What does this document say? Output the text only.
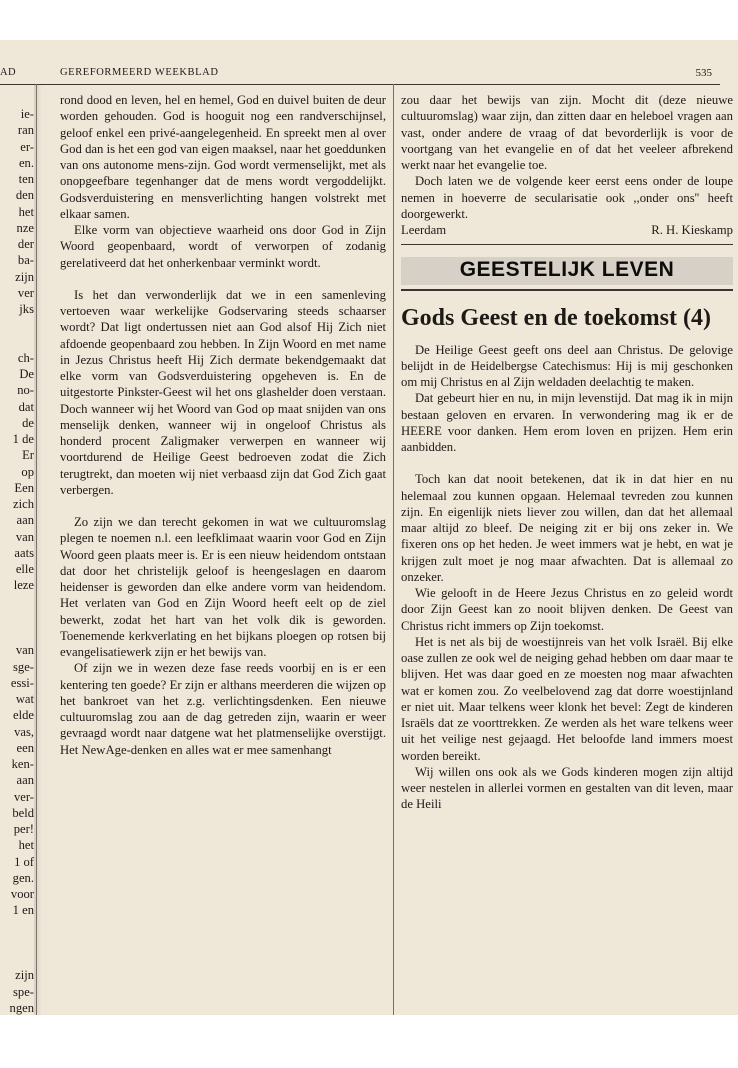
AD	GEREFORMEERD WEEKBLAD	535
ie-
ran
er-
en.
ten
den
het
nze
der
ba-
zijn
ver
jks

ch-
De
no-
dat
de
1 de
Er
op
Een
zich
aan
van
aats
elle
leze

van
sge-
essi-
wat
elde
vas,
een
ken-
aan
ver-
beld
per!
het
1 of
gen.
voor
1 en

zijn
spe-
ngen

rond dood en leven, hel en hemel, God en duivel buiten de deur worden gehouden. God is hooguit nog een randverschijnsel, geloof enkel een privé-aangelegenheid. En spreekt men al over God dan is het een god van eigen maaksel, naar het goeddunken van ons autonome mens-zijn. God wordt vermenselijkt, met als onopgeefbare tegenhanger dat de mens wordt vergoddelijkt. Godsverduistering en mensverlichting hangen volstrekt met elkaar samen.

Elke vorm van objectieve waarheid ons door God in Zijn Woord geopenbaard, wordt of verworpen of zodanig gerelativeerd dat het onherkenbaar verminkt wordt.

Is het dan verwonderlijk dat we in een samenleving vertoeven waar werkelijke Godservaring steeds schaarser wordt? Dat ligt ondertussen niet aan God alsof Hij Zich niet afdoende geopenbaard zou hebben. In Zijn Woord en met name in Jezus Christus heeft Hij Zich dermate bekendgemaakt dat elke vorm van Godsverduistering opgeheven is. En de uitgestorte Pinkster-Geest wil het ons glashelder doen verstaan. Doch wanneer wij het Woord van God op maat snijden van ons menselijk denken, wanneer wij in ongeloof Christus als honderd procent Zaligmaker verwerpen en wanneer wij voortdurend de Heilige Geest bedroeven zodat die Zich terugtrekt, dan moeten wij niet verbaasd zijn dat God Zich gaat verbergen.

Zo zijn we dan terecht gekomen in wat we cultuuromslag plegen te noemen n.l. een leefklimaat waarin voor God en Zijn Woord geen plaats meer is. Er is een nieuw heidendom ontstaan dat door het christelijk geloof is heengeslagen en daarom heidenser is geworden dan elke andere vorm van heidendom. Het verlaten van God en Zijn Woord heeft eelt op de ziel bewerkt, zodat het hart van het volk dik is geworden. Toenemende kerkverlating en het bijkans ploegen op rotsen bij evangelisatiewerk zijn er het bewijs van.

Of zijn we in wezen deze fase reeds voorbij en is er een kentering ten goede? Er zijn er althans meerderen die wijzen op het bankroet van het z.g. verlichtingsdenken. Een nieuwe cultuuromslag zou aan de dag getreden zijn, waarin er weer gevraagd wordt naar datgene wat het platmenselijke overstijgt. Het NewAge-denken en alles wat er mee samenhangt

zou daar het bewijs van zijn. Mocht dit (deze nieuwe cultuuromslag) waar zijn, dan zitten daar en heleboel vragen aan vast, onder andere de vraag of dat bevorderlijk is voor de voortgang van het evangelie en of dat het veeleer afbrekend werkt naar het evangelie toe.

Doch laten we de volgende keer eerst eens onder de loupe nemen in hoeverre de secularisatie ook ,,onder ons'' heeft doorgewerkt.

Leerdam	R. H. Kieskamp
GEESTELIJK LEVEN
Gods Geest en de toekomst (4)

De Heilige Geest geeft ons deel aan Christus. De gelovige belijdt in de Heidelbergse Catechismus: Hij is mij geschonken om mij Christus en al Zijn weldaden deelachtig te maken.

Dat gebeurt hier en nu, in mijn levenstijd. Dat mag ik in mijn bestaan geloven en ervaren. In verwondering mag ik er de HEERE voor danken. Hem erom loven en prijzen. Hem erin aanbidden.

Toch kan dat nooit betekenen, dat ik in dat hier en nu helemaal zou kunnen opgaan. Helemaal tevreden zou kunnen zijn. En eigenlijk niets liever zou willen, dan dat het allemaal maar altijd zo bleef. De neiging zit er bij ons zeker in. We fixeren ons op het heden. Je weet immers wat je hebt, en wat je krijgen zult moet je nog maar afwachten. Dat is allemaal zo onzeker.

Wie gelooft in de Heere Jezus Christus en zo geleid wordt door Zijn Geest kan zo nooit blijven denken. De Geest van Christus richt immers op Zijn toekomst.

Het is net als bij de woestijnreis van het volk Israël. Bij elke oase zullen ze ook wel de neiging gehad hebben om daar maar te blijven. Het was daar goed en ze moesten nog maar afwachten wat er komen zou. Zo veelbelovend zag dat dorre woestijnland er niet uit. Maar telkens weer klonk het bevel: Zegt de kinderen Israëls dat ze voorttrekken. Ze werden als het ware telkens weer uit het veilige nest gejaagd. Het beloofde land immers moest worden bereikt.

Wij willen ons ook als we Gods kinderen mogen zijn altijd weer nestelen in allerlei vormen en gestalten van dit leven, maar de Heili
